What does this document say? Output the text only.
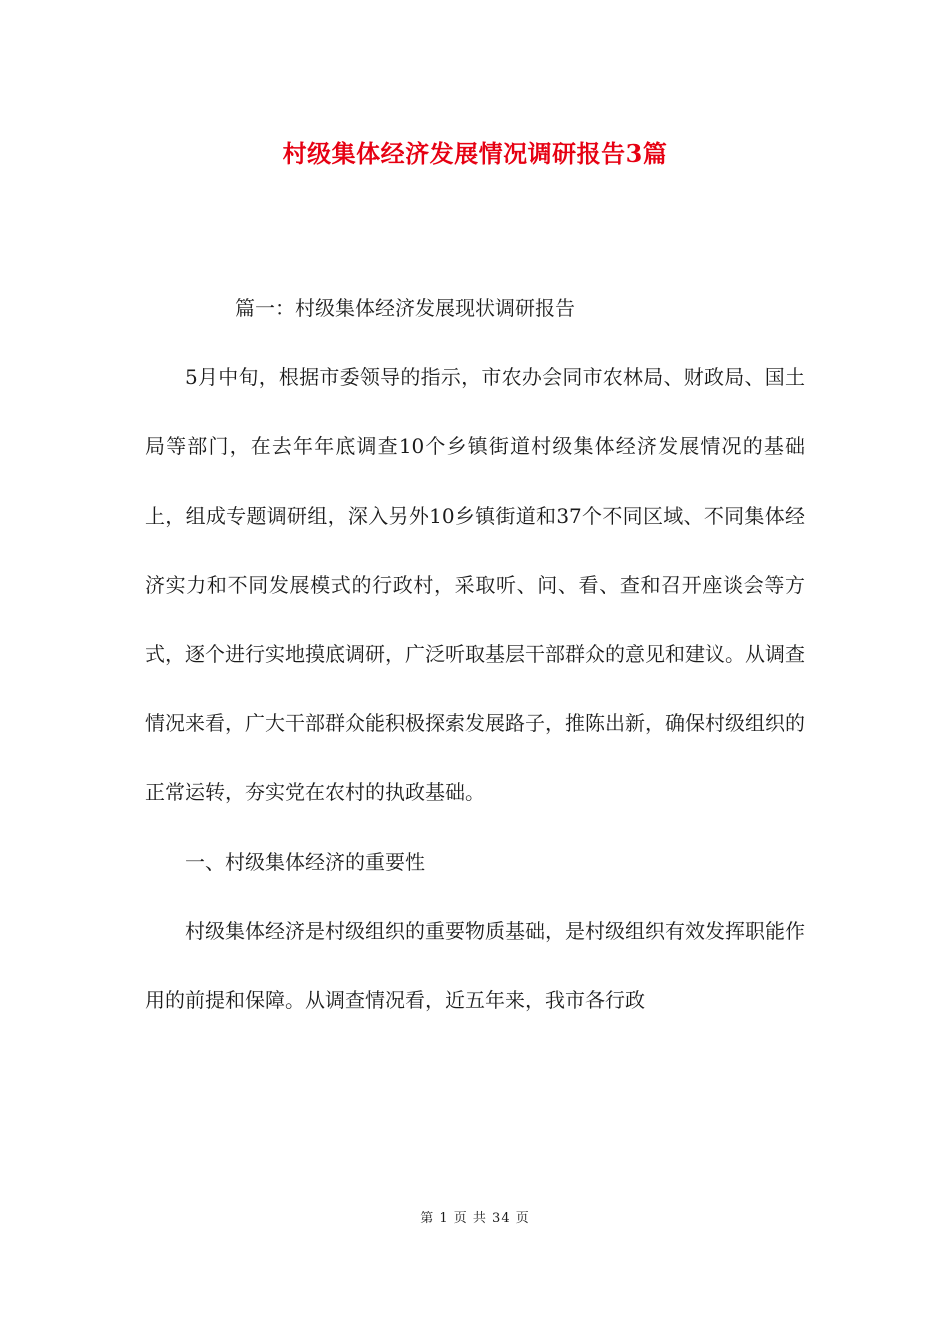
村级集体经济发展情况调研报告3篇

篇一：村级集体经济发展现状调研报告

5月中旬，根据市委领导的指示，市农办会同市农林局、财政局、国土局等部门，在去年年底调查10个乡镇街道村级集体经济发展情况的基础上，组成专题调研组，深入另外10乡镇街道和37个不同区域、不同集体经济实力和不同发展模式的行政村，采取听、问、看、查和召开座谈会等方式，逐个进行实地摸底调研，广泛听取基层干部群众的意见和建议。从调查情况来看，广大干部群众能积极探索发展路子，推陈出新，确保村级组织的正常运转，夯实党在农村的执政基础。

一、村级集体经济的重要性

村级集体经济是村级组织的重要物质基础，是村级组织有效发挥职能作用的前提和保障。从调查情况看，近五年来，我市各行政

第 1 页 共 34 页
